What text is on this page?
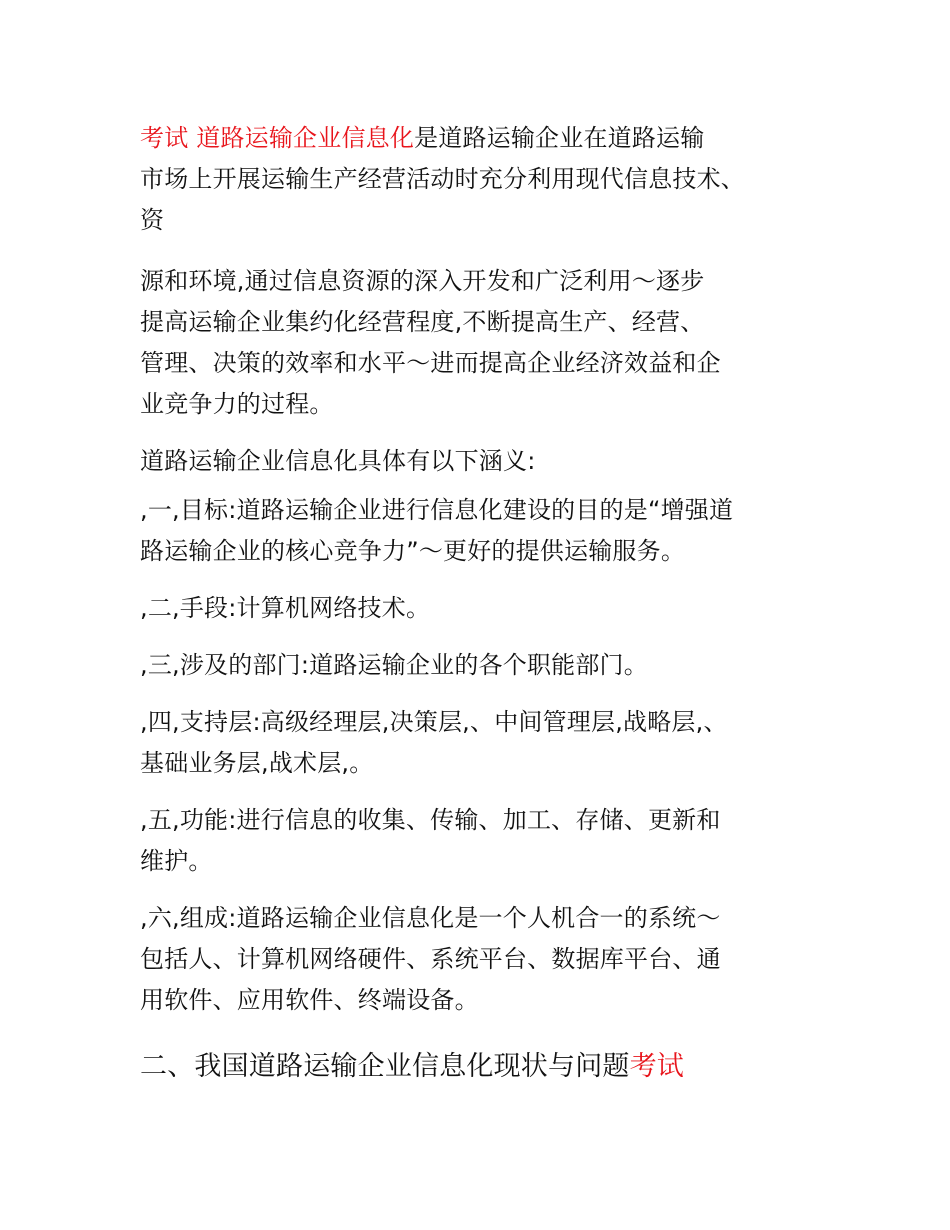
考试 道路运输企业信息化是道路运输企业在道路运输

市场上开展运输生产经营活动时充分利用现代信息技术、

资

源和环境,通过信息资源的深入开发和广泛利用～逐步

提高运输企业集约化经营程度,不断提高生产、经营、

管理、决策的效率和水平～进而提高企业经济效益和企

业竞争力的过程。

道路运输企业信息化具体有以下涵义:

,一,目标:道路运输企业进行信息化建设的目的是“增强道

路运输企业的核心竞争力”～更好的提供运输服务。

,二,手段:计算机网络技术。

,三,涉及的部门:道路运输企业的各个职能部门。

,四,支持层:高级经理层,决策层,、中间管理层,战略层,、

基础业务层,战术层,。

,五,功能:进行信息的收集、传输、加工、存储、更新和

维护。

,六,组成:道路运输企业信息化是一个人机合一的系统～

包括人、计算机网络硬件、系统平台、数据库平台、通

用软件、应用软件、终端设备。

二、我国道路运输企业信息化现状与问题考试
